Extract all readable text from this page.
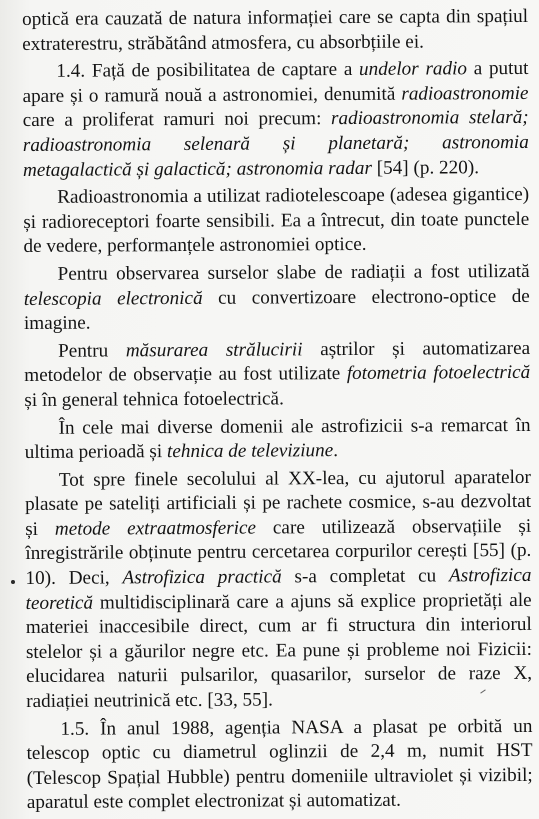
optică era cauzată de natura informației care se capta din spațiul extraterestru, străbătând atmosfera, cu absorbțiile ei.

1.4. Față de posibilitatea de captare a undelor radio a putut apare și o ramură nouă a astronomiei, denumită radioastronomie care a proliferat ramuri noi precum: radioastronomia stelară; radioastronomia selenară și planetară; astronomia metagalactică și galactică; astronomia radar [54] (p. 220).

Radioastronomia a utilizat radiotelescoape (adesea gigantice) și radioreceptori foarte sensibili. Ea a întrecut, din toate punctele de vedere, performanțele astronomiei optice.

Pentru observarea surselor slabe de radiații a fost utilizată telescopia electronică cu convertizoare electrono-optice de imagine.

Pentru măsurarea strălucirii aștrilor și automatizarea metodelor de observație au fost utilizate fotometria fotoelectrică și în general tehnica fotoelectrică.

În cele mai diverse domenii ale astrofizicii s-a remarcat în ultima perioadă și tehnica de televiziune.

Tot spre finele secolului al XX-lea, cu ajutorul aparatelor plasate pe sateliți artificiali și pe rachete cosmice, s-au dezvoltat și metode extraatmosferice care utilizează observațiile și înregistrările obținute pentru cercetarea corpurilor cerești [55] (p. 10). Deci, Astrofizica practică s-a completat cu Astrofizica teoretică multidisciplinară care a ajuns să explice proprietăți ale materiei inaccesibile direct, cum ar fi structura din interiorul stelelor și a găurilor negre etc. Ea pune și probleme noi Fizicii: elucidarea naturii pulsarilor, quasarilor, surselor de raze X, radiației neutrinică etc. [33, 55].

1.5. În anul 1988, agenția NASA a plasat pe orbită un telescop optic cu diametrul oglinzii de 2,4 m, numit HST (Telescop Spațial Hubble) pentru domeniile ultraviolet și vizibil; aparatul este complet electronizat și automatizat.
